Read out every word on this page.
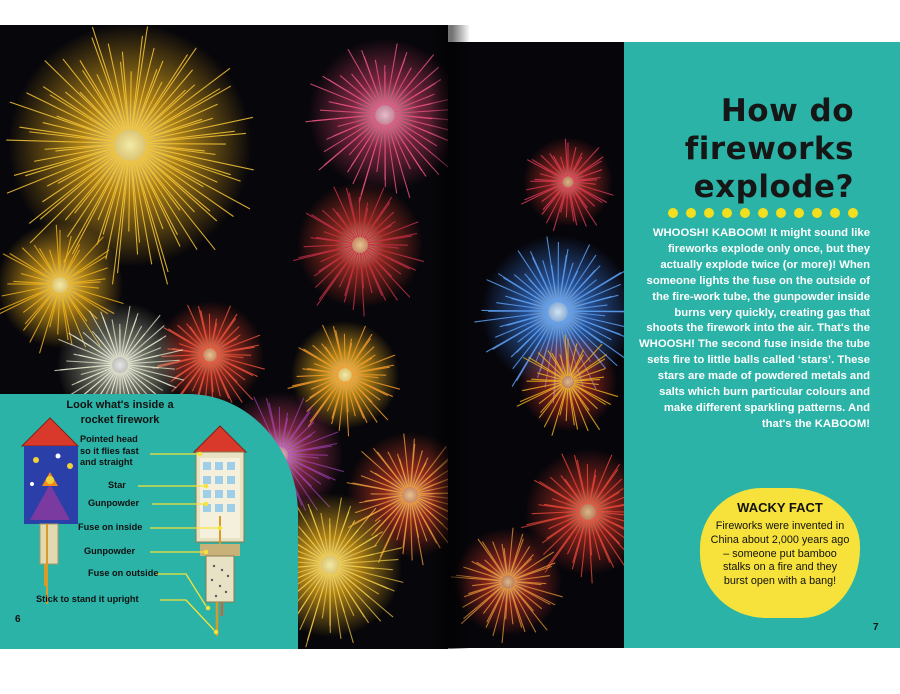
How do
fireworks
explode?
WHOOSH! KABOOM! It might sound like fireworks explode only once, but they actually explode twice (or more)! When someone lights the fuse on the outside of the fire-work tube, the gunpowder inside burns very quickly, creating gas that shoots the firework into the air. That's the WHOOSH! The second fuse inside the tube sets fire to little balls called ‘stars’. These stars are made of powdered metals and salts which burn particular colours and make different sparkling patterns. And that's the KABOOM!
WACKY FACT
Fireworks were invented in China about 2,000 years ago – someone put bamboo stalks on a fire and they burst open with a bang!
7
Look what's inside a rocket firework
Pointed head so it flies fast and straight
Star
Gunpowder
Fuse on inside
Gunpowder
Fuse on outside
Stick to stand it upright
6
